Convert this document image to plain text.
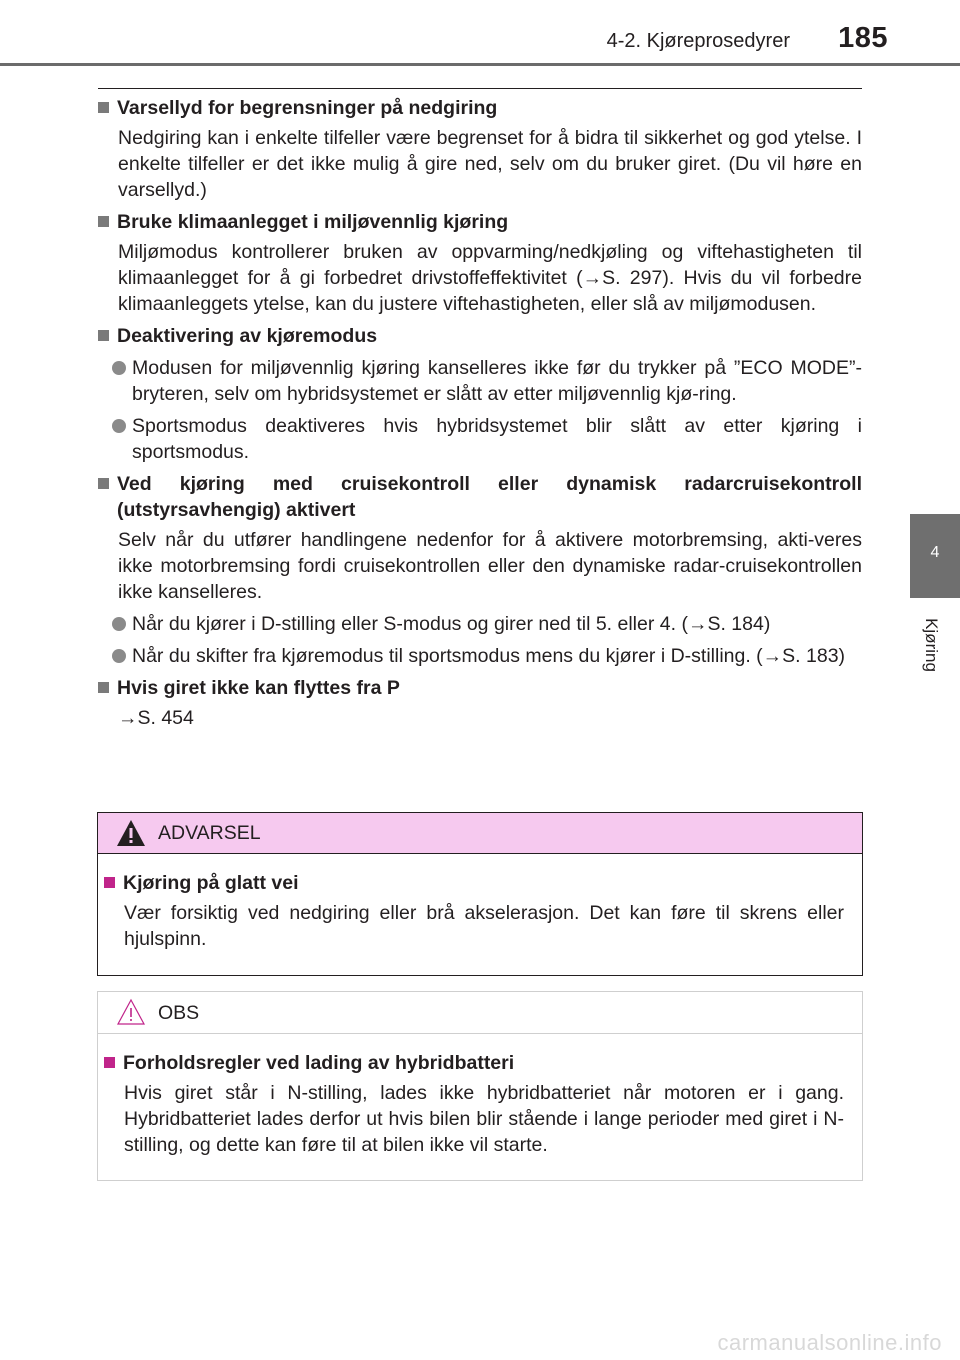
4-2. Kjøreprosedyrer 185
4
Kjøring
Varsellyd for begrensninger på nedgiring
Nedgiring kan i enkelte tilfeller være begrenset for å bidra til sikkerhet og god ytelse. I enkelte tilfeller er det ikke mulig å gire ned, selv om du bruker giret. (Du vil høre en varsellyd.)
Bruke klimaanlegget i miljøvennlig kjøring
Miljømodus kontrollerer bruken av oppvarming/nedkjøling og viftehastigheten til klimaanlegget for å gi forbedret drivstoffeffektivitet (→S. 297). Hvis du vil forbedre klimaanleggets ytelse, kan du justere viftehastigheten, eller slå av miljømodusen.
Deaktivering av kjøremodus
Modusen for miljøvennlig kjøring kanselleres ikke før du trykker på ”ECO MODE”-bryteren, selv om hybridsystemet er slått av etter miljøvennlig kjø-ring.
Sportsmodus deaktiveres hvis hybridsystemet blir slått av etter kjøring i sportsmodus.
Ved kjøring med cruisekontroll eller dynamisk radarcruisekontroll (utstyrsavhengig) aktivert
Selv når du utfører handlingene nedenfor for å aktivere motorbremsing, akti-veres ikke motorbremsing fordi cruisekontrollen eller den dynamiske radar-cruisekontrollen ikke kanselleres.
Når du kjører i D-stilling eller S-modus og girer ned til 5. eller 4. (→S. 184)
Når du skifter fra kjøremodus til sportsmodus mens du kjører i D-stilling. (→S. 183)
Hvis giret ikke kan flyttes fra P
→S. 454
ADVARSEL
Kjøring på glatt vei
Vær forsiktig ved nedgiring eller brå akselerasjon. Det kan føre til skrens eller hjulspinn.
OBS
Forholdsregler ved lading av hybridbatteri
Hvis giret står i N-stilling, lades ikke hybridbatteriet når motoren er i gang. Hybridbatteriet lades derfor ut hvis bilen blir stående i lange perioder med giret i N-stilling, og dette kan føre til at bilen ikke vil starte.
carmanualsonline.info
